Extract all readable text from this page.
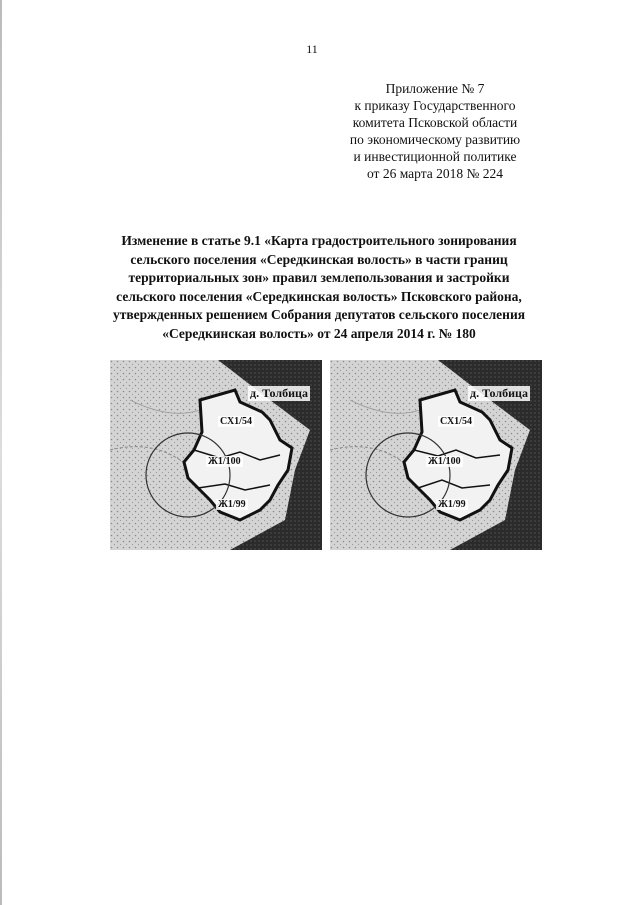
11
Приложение № 7
к приказу Государственного
комитета Псковской области
по экономическому развитию
и инвестиционной политике
от 26 марта 2018 № 224
Изменение в статье 9.1 «Карта градостроительного зонирования
сельского поселения «Середкинская волость» в части границ
территориальных зон» правил землепользования и застройки
сельского поселения «Середкинская волость» Псковского района,
утвержденных решением Собрания депутатов сельского поселения
«Середкинская волость» от 24 апреля 2014 г. № 180
д. Толбица
СХ1/54
Ж1/100
Ж1/99
д. Толбица
СХ1/54
Ж1/100
Ж1/99
